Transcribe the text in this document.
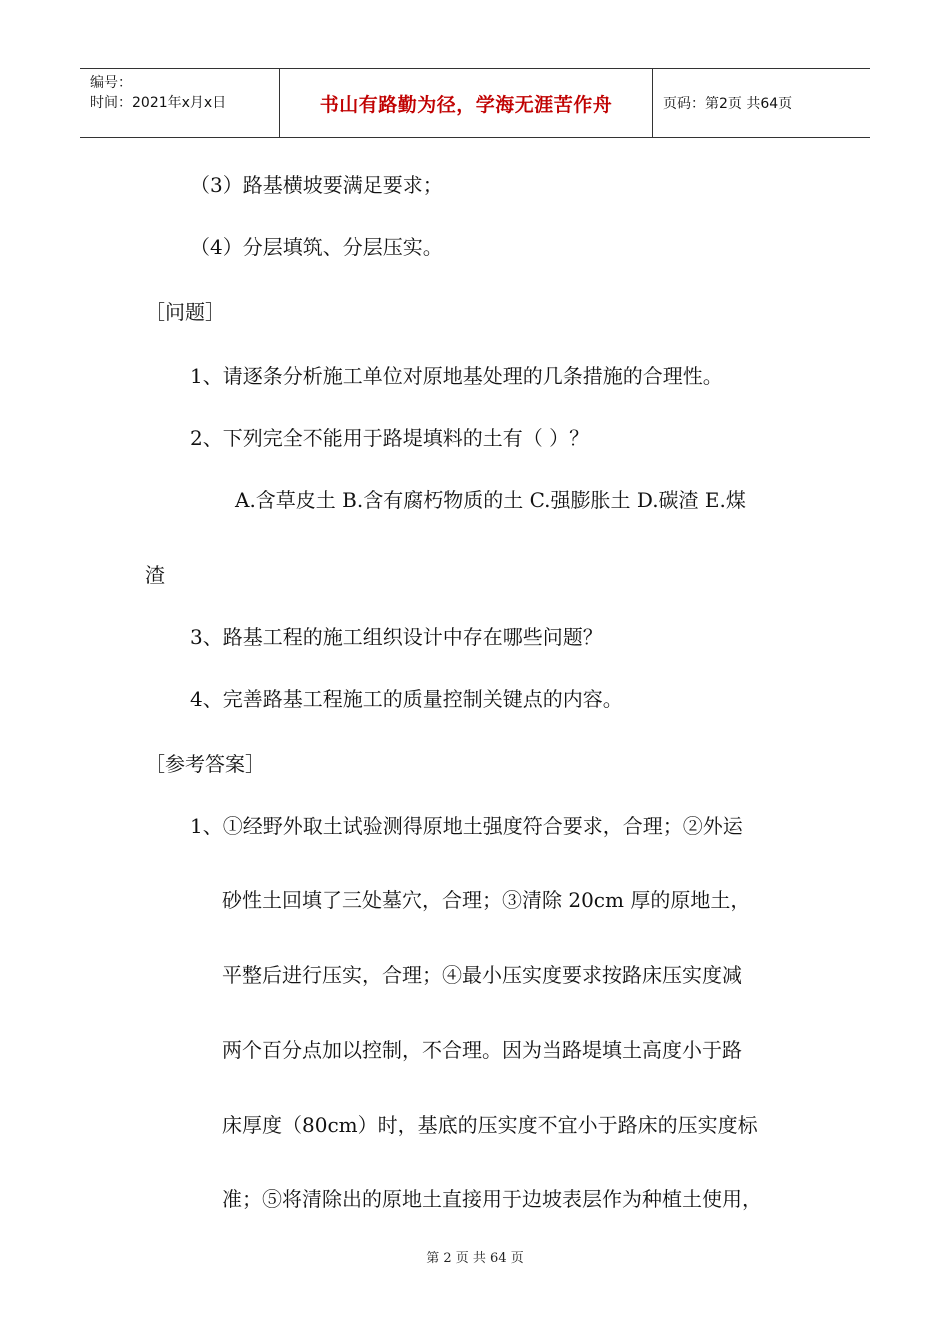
编号：
时间：2021年x月x日	书山有路勤为径，学海无涯苦作舟	页码：第2页 共64页
（3）路基横坡要满足要求；
（4）分层填筑、分层压实。
［问题］
1、请逐条分析施工单位对原地基处理的几条措施的合理性。
2、下列完全不能用于路堤填料的土有（ ）？
A.含草皮土 B.含有腐朽物质的土 C.强膨胀土 D.碳渣 E.煤
渣
3、路基工程的施工组织设计中存在哪些问题？
4、完善路基工程施工的质量控制关键点的内容。
［参考答案］
1、①经野外取土试验测得原地土强度符合要求，合理；②外运
砂性土回填了三处墓穴，合理；③清除 20cm 厚的原地土，
平整后进行压实，合理；④最小压实度要求按路床压实度减
两个百分点加以控制，不合理。因为当路堤填土高度小于路
床厚度（80cm）时，基底的压实度不宜小于路床的压实度标
准；⑤将清除出的原地土直接用于边坡表层作为种植土使用，
第 2 页 共 64 页
